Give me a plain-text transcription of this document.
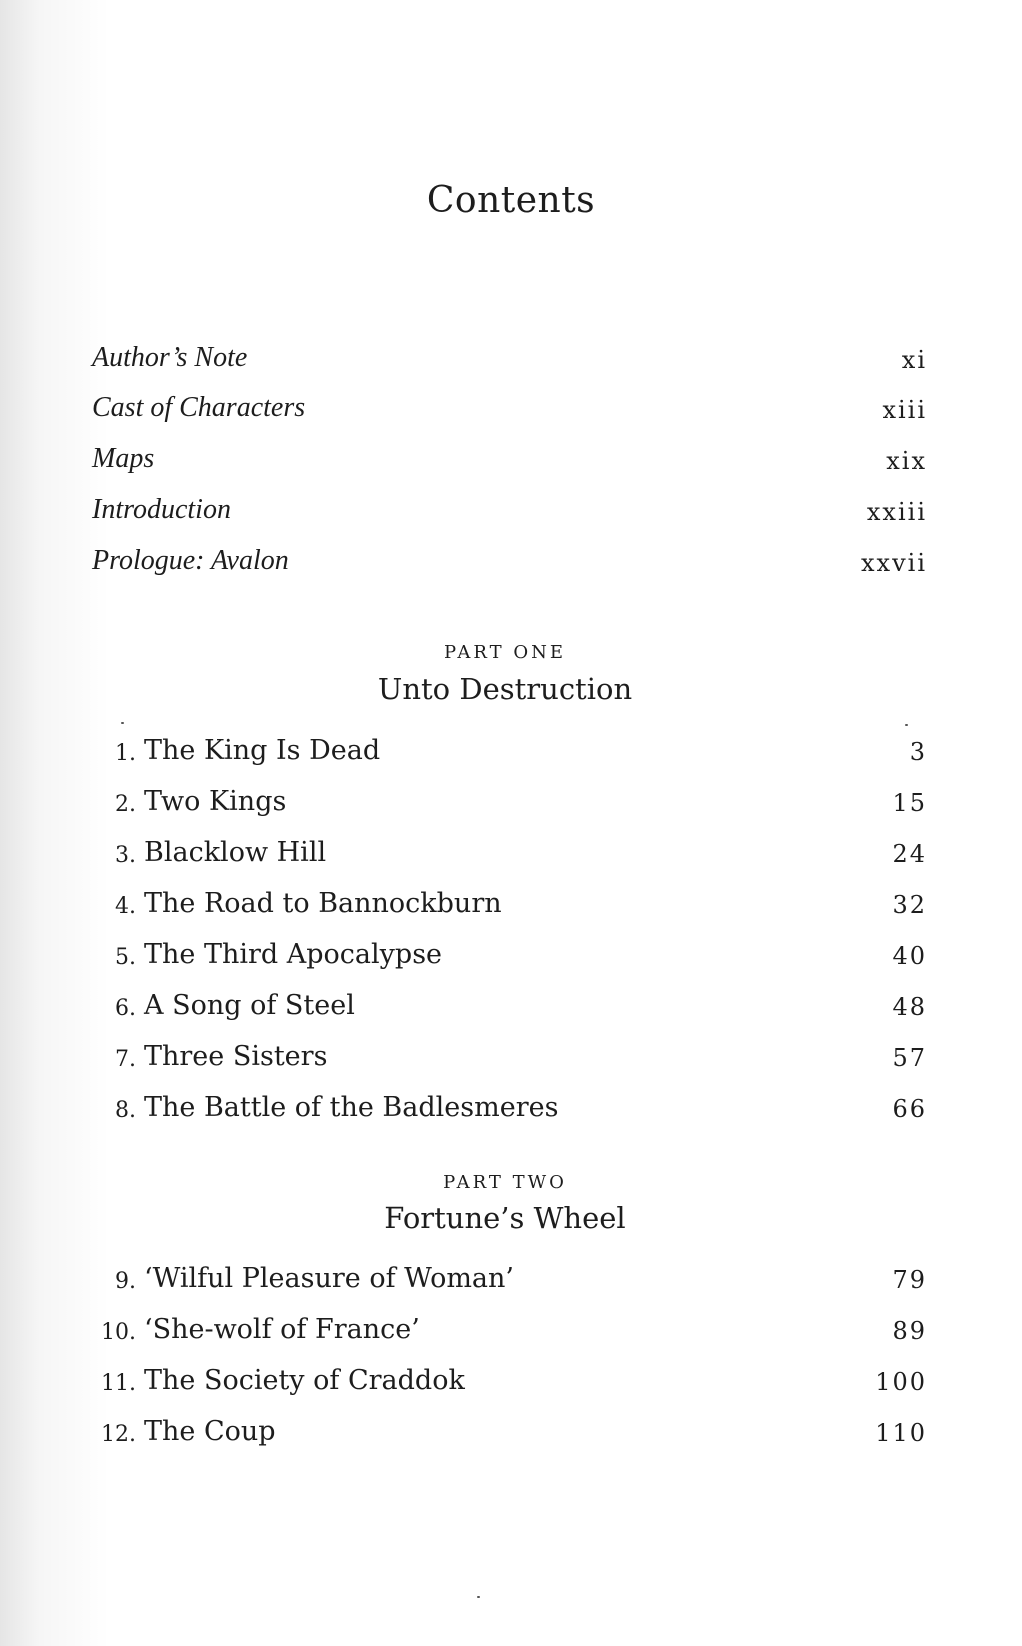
Contents
Author’s Note	xi
Cast of Characters	xiii
Maps	xix
Introduction	xxiii
Prologue: Avalon	xxvii
PART ONE
Unto Destruction
1. The King Is Dead	3
2. Two Kings	15
3. Blacklow Hill	24
4. The Road to Bannockburn	32
5. The Third Apocalypse	40
6. A Song of Steel	48
7. Three Sisters	57
8. The Battle of the Badlesmeres	66
PART TWO
Fortune’s Wheel
9. ‘Wilful Pleasure of Woman’	79
10. ‘She-wolf of France’	89
11. The Society of Craddok	100
12. The Coup	110
